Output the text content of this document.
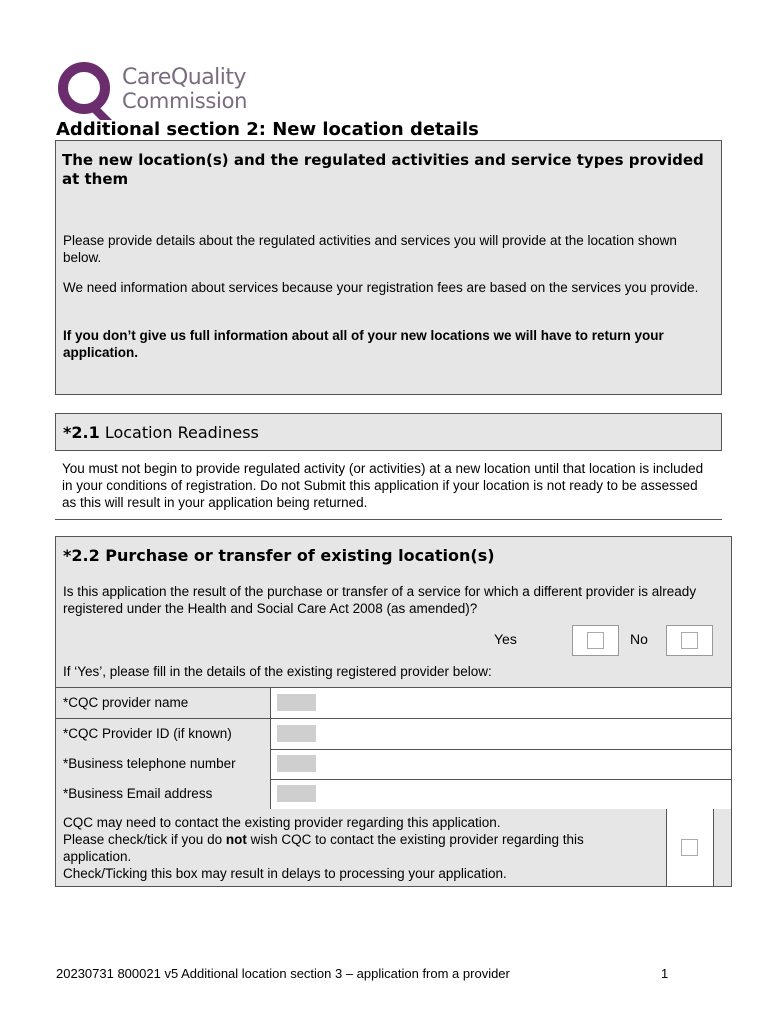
CareQuality
Commission
Additional section 2: New location details
The new location(s) and the regulated activities and service types provided at them

Please provide details about the regulated activities and services you will provide at the location shown below.

We need information about services because your registration fees are based on the services you provide.

If you don’t give us full information about all of your new locations we will have to return your application.

*2.1 Location Readiness

You must not begin to provide regulated activity (or activities) at a new location until that location is included in your conditions of registration. Do not Submit this application if your location is not ready to be assessed as this will result in your application being returned.

*2.2 Purchase or transfer of existing location(s)

Is this application the result of the purchase or transfer of a service for which a different provider is already registered under the Health and Social Care Act 2008 (as amended)?

Yes	No
If ‘Yes’, please fill in the details of the existing registered provider below:
*CQC provider name
*CQC Provider ID (if known)
*Business telephone number
*Business Email address

CQC may need to contact the existing provider regarding this application.
Please check/tick if you do not wish CQC to contact the existing provider regarding this application.
Check/Ticking this box may result in delays to processing your application.

20230731 800021 v5 Additional location section 3 – application from a provider	1
